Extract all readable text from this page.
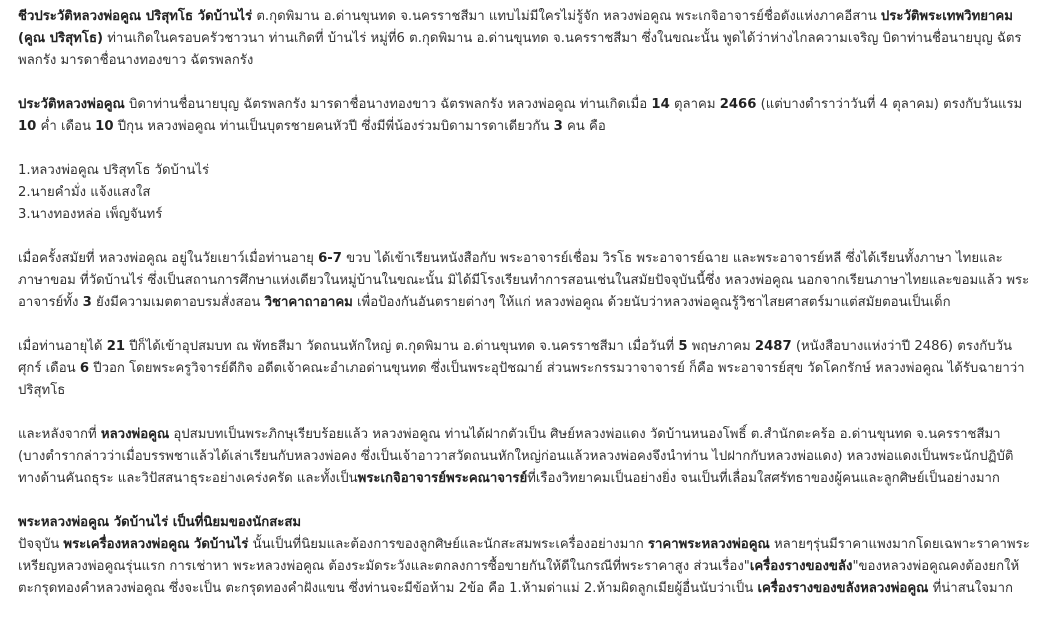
ชีวประวัติหลวงพ่อคูณ ปริสุทโธ วัดบ้านไร่ ต.กุดพิมาน อ.ด่านขุนทด จ.นครราชสีมา แทบไม่มีใครไม่รู้จัก หลวงพ่อคูณ พระเกจิอาจารย์ชื่อดังแห่งภาคอีสาน ประวัติพระเทพวิทยาคม (คูณ ปริสุทโธ) ท่านเกิดในครอบครัวชาวนา ท่านเกิดที่ บ้านไร่ หมู่ที่6 ต.กุดพิมาน อ.ด่านขุนทด จ.นครราชสีมา ซึ่งในขณะนั้น พูดได้ว่าห่างไกลความเจริญ บิดาท่านชื่อนายบุญ ฉัตรพลกรัง มารดาชื่อนางทองขาว ฉัตรพลกรัง

ประวัติหลวงพ่อคูณ บิดาท่านชื่อนายบุญ ฉัตรพลกรัง มารดาชื่อนางทองขาว ฉัตรพลกรัง หลวงพ่อคูณ ท่านเกิดเมื่อ 14 ตุลาคม 2466 (แต่บางตำราว่าวันที่ 4 ตุลาคม) ตรงกับวันแรม 10 ค่ำ เดือน 10 ปีกุน หลวงพ่อคูณ ท่านเป็นบุตรชายคนหัวปี ซึ่งมีพี่น้องร่วมบิดามารดาเดียวกัน 3 คน คือ

1.หลวงพ่อคูณ ปริสุทโธ วัดบ้านไร่
2.นายคำมั่ง แจ้งแสงใส
3.นางทองหล่อ เพ็ญจันทร์

เมื่อครั้งสมัยที่ หลวงพ่อคูณ อยู่ในวัยเยาว์เมื่อท่านอายุ 6-7 ขวบ ได้เข้าเรียนหนังสือกับ พระอาจารย์เชื่อม วิรโธ พระอาจารย์ฉาย และพระอาจารย์หลี ซึ่งได้เรียนทั้งภาษา ไทยและภาษาขอม ที่วัดบ้านไร่ ซึ่งเป็นสถานการศึกษาแห่งเดียวในหมู่บ้านในขณะนั้น มิได้มีโรงเรียนทำการสอนเช่นในสมัยปัจจุบันนี้ซึ่ง หลวงพ่อคูณ นอกจากเรียนภาษาไทยและขอมแล้ว พระอาจารย์ทั้ง 3 ยังมีความเมตตาอบรมสั่งสอน วิชาคาถาอาคม เพื่อป้องกันอันตรายต่างๆ ให้แก่ หลวงพ่อคูณ ด้วยนับว่าหลวงพ่อคูณรู้วิชาไสยศาสตร์มาแต่สมัยตอนเป็นเด็ก

เมื่อท่านอายุได้ 21 ปีก็ได้เข้าอุปสมบท ณ พัทธสีมา วัดถนนหักใหญ่ ต.กุดพิมาน อ.ด่านขุนทด จ.นครราชสีมา เมื่อวันที่ 5 พฤษภาคม 2487 (หนังสือบางแห่งว่าปี 2486) ตรงกับวันศุกร์ เดือน 6 ปีวอก โดยพระครูวิจารย์ดีกิจ อดีตเจ้าคณะอำเภอด่านขุนทด ซึ่งเป็นพระอุปัชฌาย์ ส่วนพระกรรมวาจาจารย์ ก็คือ พระอาจารย์สุข วัดโคกรักษ์ หลวงพ่อคูณ ได้รับฉายาว่า ปริสุทโธ

และหลังจากที่ หลวงพ่อคูณ อุปสมบทเป็นพระภิกษุเรียบร้อยแล้ว หลวงพ่อคูณ ท่านได้ฝากตัวเป็น ศิษย์หลวงพ่อแดง วัดบ้านหนองโพธิ์ ต.สำนักตะคร้อ อ.ด่านขุนทด จ.นครราชสีมา (บางตำรากล่าวว่าเมื่อบรรพชาแล้วได้เล่าเรียนกับหลวงพ่อคง ซึ่งเป็นเจ้าอาวาสวัดถนนหักใหญ่ก่อนแล้วหลวงพ่อคงจึงนำท่าน ไปฝากกับหลวงพ่อแดง) หลวงพ่อแดงเป็นพระนักปฏิบัติทางด้านคันถธุระ และวิปัสสนาธุระอย่างเคร่งครัด และทั้งเป็นพระเกจิอาจารย์พระคณาจารย์ที่เรืองวิทยาคมเป็นอย่างยิ่ง จนเป็นที่เลื่อมใสศรัทธาของผู้คนและลูกศิษย์เป็นอย่างมาก

พระหลวงพ่อคูณ วัดบ้านไร่ เป็นที่นิยมของนักสะสม

ปัจจุบัน พระเครื่องหลวงพ่อคูณ วัดบ้านไร่ นั้นเป็นที่นิยมและต้องการของลูกศิษย์และนักสะสมพระเครื่องอย่างมาก ราคาพระหลวงพ่อคูณ หลายๆรุ่นมีราคาแพงมากโดยเฉพาะราคาพระ เหรียญหลวงพ่อคูณรุ่นแรก การเช่าหา พระหลวงพ่อคูณ ต้องระมัดระวังและตกลงการซื้อขายกันให้ดีในกรณีที่พระราคาสูง ส่วนเรื่อง"เครื่องรางของขลัง"ของหลวงพ่อคูณคงต้องยกให้ ตะกรุดทองคำหลวงพ่อคูณ ซึ่งจะเป็น ตะกรุดทองคำฝังแขน ซึ่งท่านจะมีข้อห้าม 2ข้อ คือ 1.ห้ามด่าแม่ 2.ห้ามผิดลูกเมียผู้อื่นนับว่าเป็น เครื่องรางของขลังหลวงพ่อคูณ ที่น่าสนใจมาก
